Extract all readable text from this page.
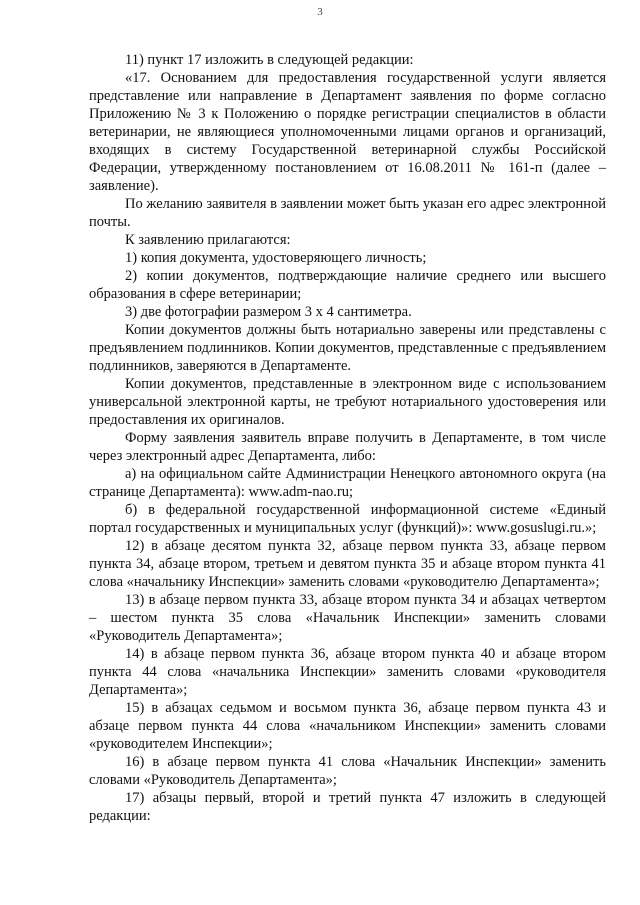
3

11) пункт 17 изложить в следующей редакции:

«17. Основанием для предоставления государственной услуги является представление или направление в Департамент заявления по форме согласно Приложению № 3 к Положению о порядке регистрации специалистов в области ветеринарии, не являющиеся уполномоченными лицами органов и организаций, входящих в систему Государственной ветеринарной службы Российской Федерации, утвержденному постановлением от 16.08.2011 № 161-п (далее – заявление).

По желанию заявителя в заявлении может быть указан его адрес электронной почты.

К заявлению прилагаются:

1) копия документа, удостоверяющего личность;

2) копии документов, подтверждающие наличие среднего или высшего образования в сфере ветеринарии;

3) две фотографии размером 3 х 4 сантиметра.

Копии документов должны быть нотариально заверены или представлены с предъявлением подлинников. Копии документов, представленные с предъявлением подлинников, заверяются в Департаменте.

Копии документов, представленные в электронном виде с использованием универсальной электронной карты, не требуют нотариального удостоверения или предоставления их оригиналов.

Форму заявления заявитель вправе получить в Департаменте, в том числе через электронный адрес Департамента, либо:

а) на официальном сайте Администрации Ненецкого автономного округа (на странице Департамента): www.adm-nao.ru;

б) в федеральной государственной информационной системе «Единый портал государственных и муниципальных услуг (функций)»: www.gosuslugi.ru.»;

12) в абзаце десятом пункта 32, абзаце первом пункта 33, абзаце первом пункта 34, абзаце втором, третьем и девятом пункта 35 и абзаце втором пункта 41 слова «начальнику Инспекции» заменить словами «руководителю Департамента»;

13) в абзаце первом пункта 33, абзаце втором пункта 34 и абзацах четвертом – шестом пункта 35 слова «Начальник Инспекции» заменить словами «Руководитель Департамента»;

14) в абзаце первом пункта 36, абзаце втором пункта 40 и абзаце втором пункта 44 слова «начальника Инспекции» заменить словами «руководителя Департамента»;

15) в абзацах седьмом и восьмом пункта 36, абзаце первом пункта 43 и абзаце первом пункта 44 слова «начальником Инспекции» заменить словами «руководителем Инспекции»;

16) в абзаце первом пункта 41 слова «Начальник Инспекции» заменить словами «Руководитель Департамента»;

17) абзацы первый, второй и третий пункта 47 изложить в следующей редакции:
